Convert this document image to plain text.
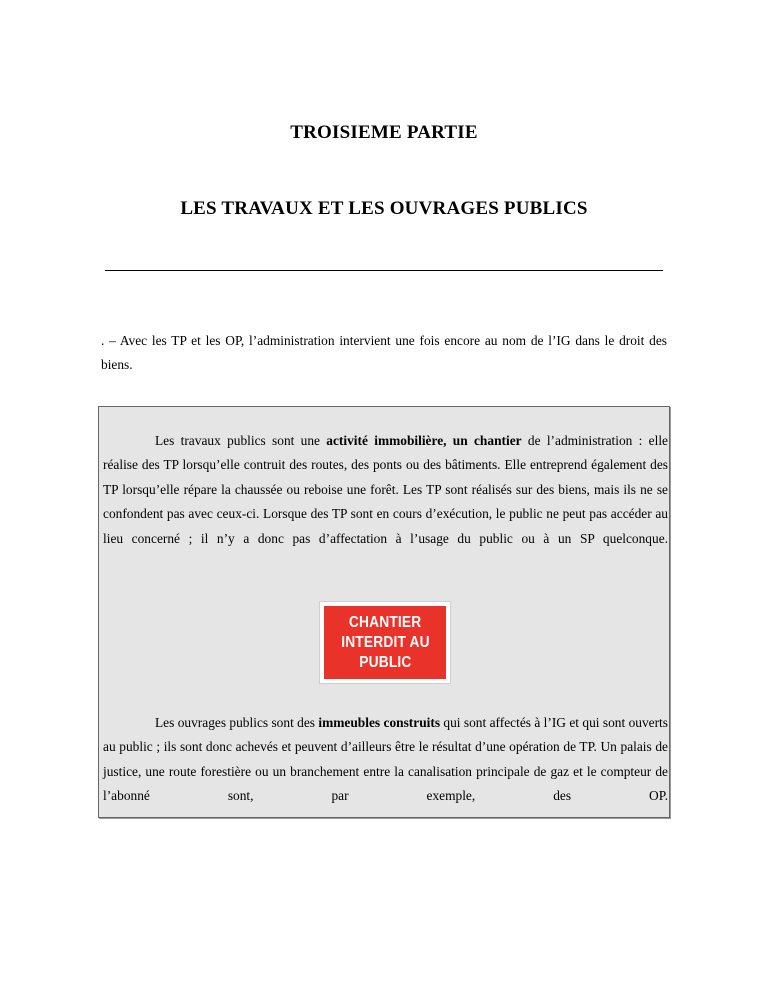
TROISIEME PARTIE
LES TRAVAUX ET LES OUVRAGES PUBLICS

. – Avec les TP et les OP, l’administration intervient une fois encore au nom de l’IG dans le droit des biens.

Les travaux publics sont une activité immobilière, un chantier de l’administration : elle réalise des TP lorsqu’elle contruit des routes, des ponts ou des bâtiments. Elle entreprend également des TP lorsqu’elle répare la chaussée ou reboise une forêt. Les TP sont réalisés sur des biens, mais ils ne se confondent pas avec ceux-ci. Lorsque des TP sont en cours d’exécution, le public ne peut pas accéder au lieu concerné ; il n’y a donc pas d’affectation à l’usage du public ou à un SP quelconque.

CHANTIER
INTERDIT AU
PUBLIC

Les ouvrages publics sont des immeubles construits qui sont affectés à l’IG et qui sont ouverts au public ; ils sont donc achevés et peuvent d’ailleurs être le résultat d’une opération de TP. Un palais de justice, une route forestière ou un branchement entre la canalisation principale de gaz et le compteur de l’abonné sont, par exemple, des OP.
